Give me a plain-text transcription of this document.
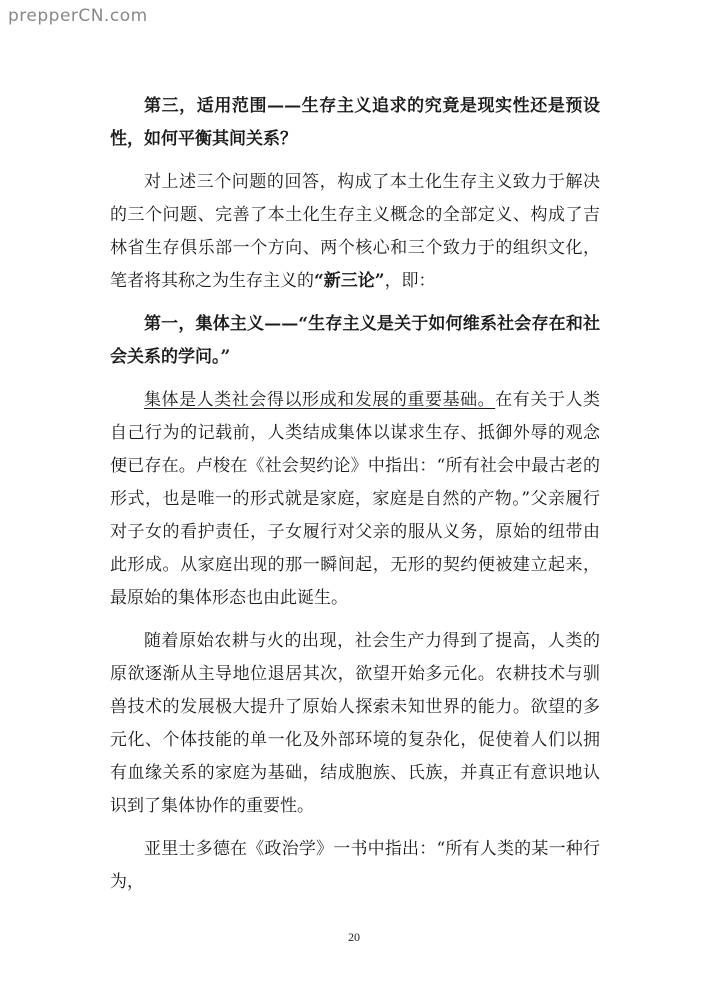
prepperCN.com

第三，适用范围——生存主义追求的究竟是现实性还是预设性，如何平衡其间关系？

对上述三个问题的回答，构成了本土化生存主义致力于解决的三个问题、完善了本土化生存主义概念的全部定义、构成了吉林省生存俱乐部一个方向、两个核心和三个致力于的组织文化，笔者将其称之为生存主义的“新三论”，即：

第一，集体主义——“生存主义是关于如何维系社会存在和社会关系的学问。”

集体是人类社会得以形成和发展的重要基础。在有关于人类自己行为的记载前，人类结成集体以谋求生存、抵御外辱的观念便已存在。卢梭在《社会契约论》中指出：“所有社会中最古老的形式，也是唯一的形式就是家庭，家庭是自然的产物。”父亲履行对子女的看护责任，子女履行对父亲的服从义务，原始的纽带由此形成。从家庭出现的那一瞬间起，无形的契约便被建立起来，最原始的集体形态也由此诞生。

随着原始农耕与火的出现，社会生产力得到了提高，人类的原欲逐渐从主导地位退居其次，欲望开始多元化。农耕技术与驯兽技术的发展极大提升了原始人探索未知世界的能力。欲望的多元化、个体技能的单一化及外部环境的复杂化，促使着人们以拥有血缘关系的家庭为基础，结成胞族、氏族，并真正有意识地认识到了集体协作的重要性。

亚里士多德在《政治学》一书中指出：“所有人类的某一种行为，

20
